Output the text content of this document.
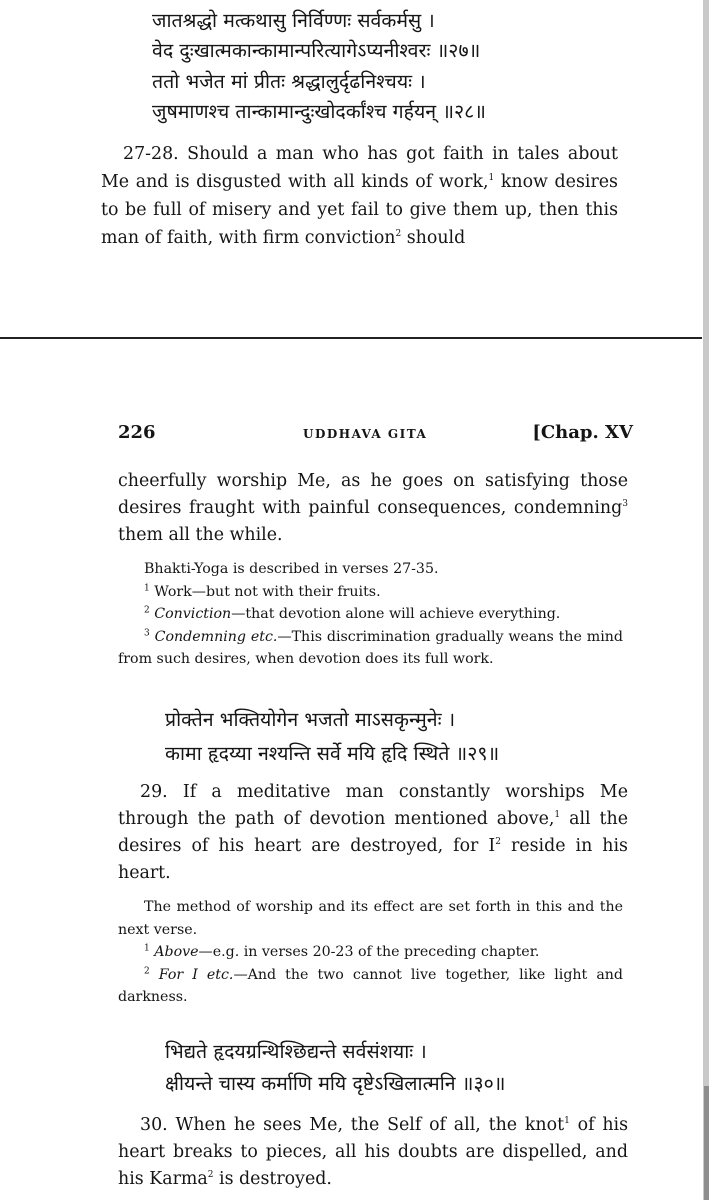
जातश्रद्धो मत्कथासु निर्विण्णः सर्वकर्मसु ।
वेद दुःखात्मकान्कामान्परित्यागेऽप्यनीश्वरः ॥२७॥
ततो भजेत मां प्रीतः श्रद्धालुर्दृढनिश्चयः ।
जुषमाणश्च तान्कामान्दुःखोदर्कांश्च गर्हयन् ॥२८॥
27-28. Should a man who has got faith in tales about Me and is disgusted with all kinds of work,$^1$ know desires to be full of misery and yet fail to give them up, then this man of faith, with firm conviction$^2$ should
226	UDDHAVA GITA	[Chap. XV
cheerfully worship Me, as he goes on satisfying those desires fraught with painful consequences, condemning$^3$ them all the while.
Bhakti-Yoga is described in verses 27-35.
$^1$ Work—but not with their fruits.
$^2$ Conviction—that devotion alone will achieve everything.
$^3$ Condemning etc.—This discrimination gradually weans the mind from such desires, when devotion does its full work.
प्रोक्तेन भक्तियोगेन भजतो माऽसकृन्मुनेः ।
कामा हृदय्या नश्यन्ति सर्वे मयि हृदि स्थिते ॥२९॥
29. If a meditative man constantly worships Me through the path of devotion mentioned above,$^1$ all the desires of his heart are destroyed, for $I^2$ reside in his heart.
The method of worship and its effect are set forth in this and the next verse.
$^1$ Above—e.g. in verses 20-23 of the preceding chapter.
$^2$ For I etc.—And the two cannot live together, like light and darkness.
भिद्यते हृदयग्रन्थिश्छिद्यन्ते सर्वसंशयाः ।
क्षीयन्ते चास्य कर्माणि मयि दृष्टेऽखिलात्मनि ॥३०॥
30. When he sees Me, the Self of all, the knot$^1$ of his heart breaks to pieces, all his doubts are dispelled, and his Karma$^2$ is destroyed.
